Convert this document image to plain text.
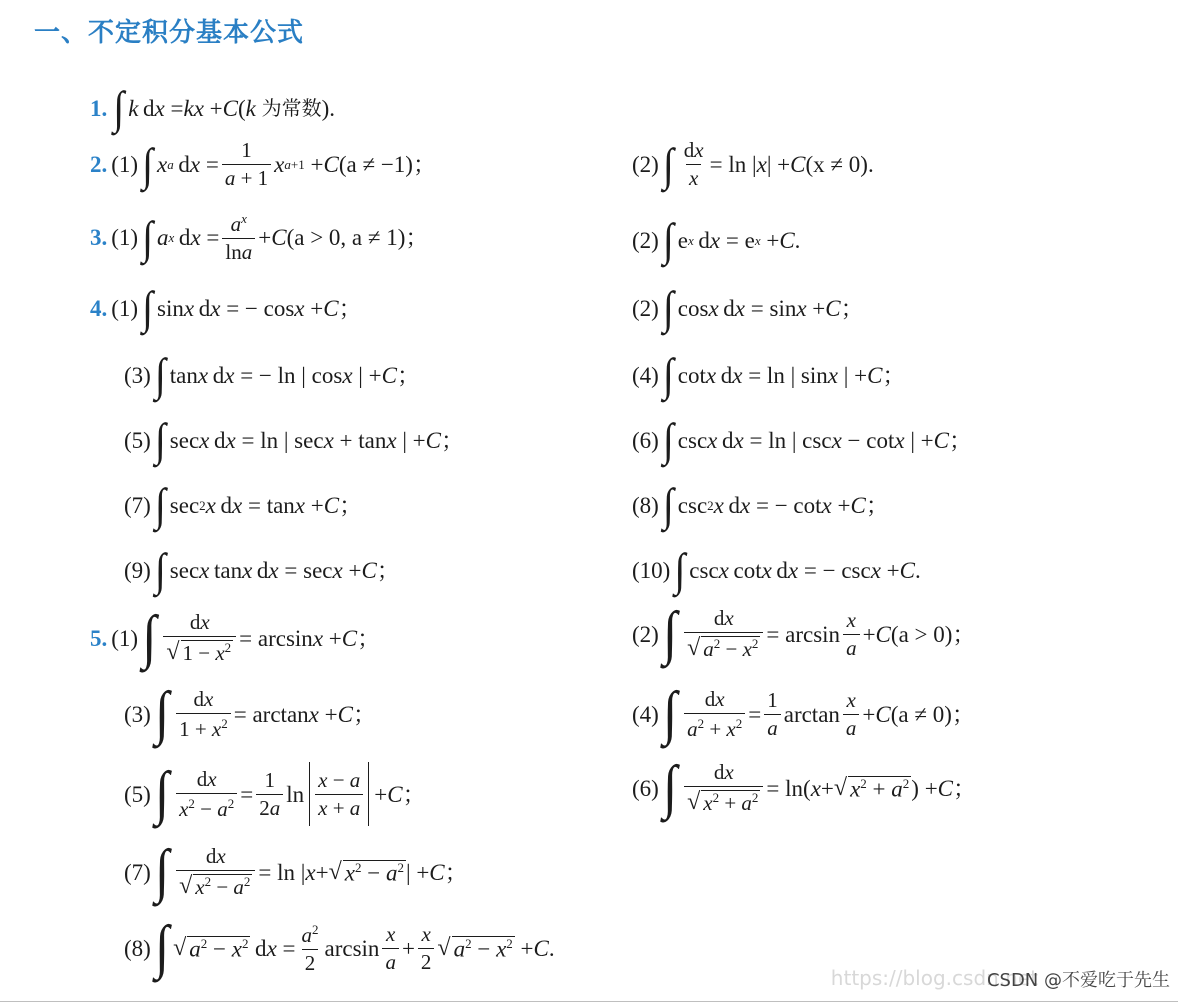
一、不定积分基本公式
1. ∫ k  d x = kx + C ( k
为常数 ).
2. (1) ∫ x a  d $x = \frac{1}{a + 1}$ x a+1 + C ( a ≠ −1 )；	(2) ∫ $\frac{dx}{x} = \ln$ | x | + C ( x ≠ 0 ).
3. (1) ∫ a x  d $x = \frac{a^x}{\ln a} + C$ ( a > 0, a ≠ 1 )；	(2) ∫ e x  d x = e x + C .
4. (1) ∫ sin x  d x = − cos x + C ；	(2) ∫ cos x  d x = sin x + C ；
(3) ∫ tan x  d x = − ln | cos x | + C ；	(4) ∫ cot x  d x = ln | sin x | + C ；
(5) ∫ sec x  d x = ln | sec x + tan x | + C ；	(6) ∫ csc x  d x = ln | csc x − cot x | + C ；
(7) ∫ sec 2 x  d x = tan x + C ；	(8) ∫ csc 2 x  d x = − cot x + C ；
(9) ∫ sec x  tan x  d x = sec x + C ；	(10) ∫ csc x  cot x  d x = − csc x + C .
5. (1) ∫ $\frac{dx}{√ 1 - x^2} = \arcsin x + C$ ；	(2) ∫ $\frac{dx}{√ a^2 - x^2} = \arcsin \frac{x}{a} + C$ ( a > 0 )；
(3) ∫ $\frac{dx}{1 + x^2} = \arctan x + C$ ；	(4) ∫ $\frac{dx}{a^2 + x^2} = \frac{1}{a}$ $\arctan \frac{x}{a} + C$ ( a ≠ 0 )；
(5) ∫ $\frac{dx}{x^2 - a^2} = \frac{1}{2a}$ $\ln \frac{x - a}{x + a} + C$ ；	(6) ∫ $\frac{dx}{√ x^2 + a^2} = \ln$( x + √ $x^2 + a^2$ ) + C ；
(7) ∫ $\frac{dx}{√ x^2 - a^2} = \ln$ | x + √ $x^2 - a^2$ | + C ；
(8) ∫ √ $a^2 - x^2$  d $x = \frac{a^2}{2}$ $\arcsin \frac{x}{a} + \frac{x}{2}$ √ $a^2 - x^2 + C$ .
https://blog.csdn.net
CSDN @不爱吃于先生
